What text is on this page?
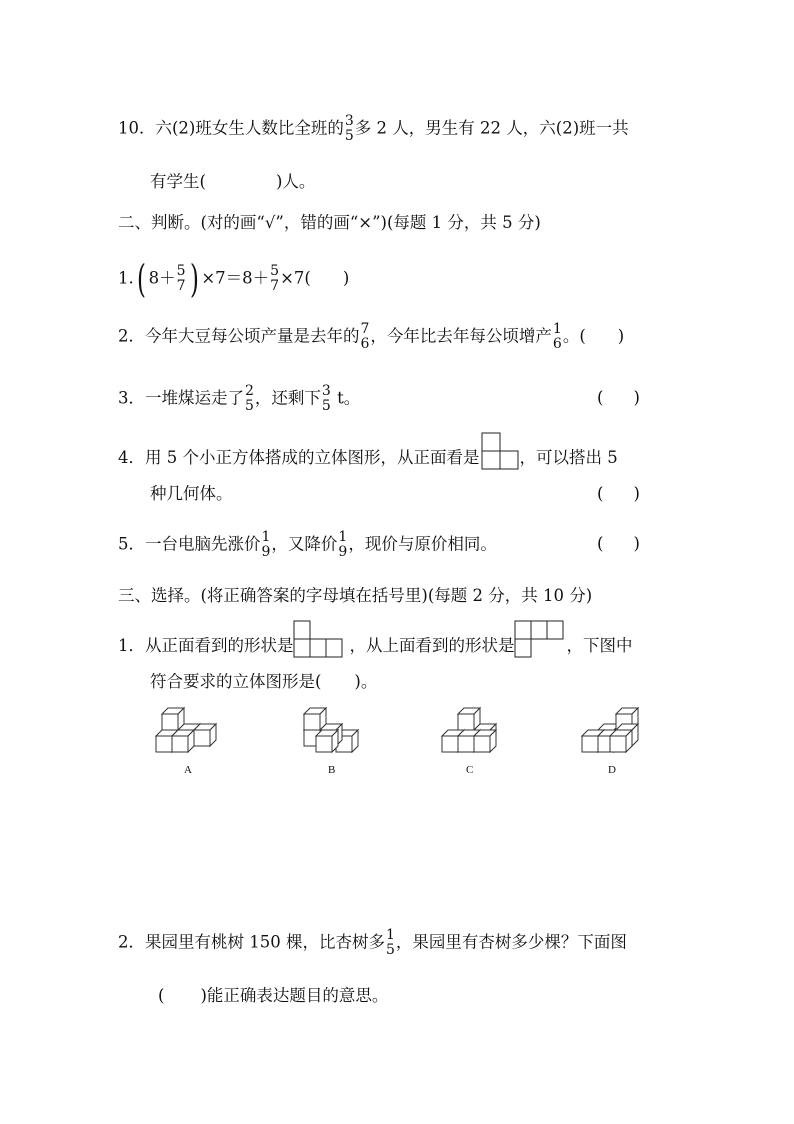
10．六(2)班女生人数比全班的 3
5 多 2 人，男生有 22 人，六(2)班一共
有学生(	)人。
二、判断。(对的画“√”，错的画“×”)(每题 1 分，共 5 分)
1.( 8＋ 5
7 ) ×7＝8＋ 5
7 ×7( )
2．今年大豆每公顷产量是去年的 7
6 ，今年比去年每公顷增产 1
6 。( )
3．一堆煤运走了 2
5 ，还剩下 3
5 t。	( )
4．用 5 个小正方体搭成的立体图形，从正面看是 ，可以搭出 5
种几何体。	( )
5．一台电脑先涨价 1
9 ，又降价 1
9 ，现价与原价相同。	( )
三、选择。(将正确答案的字母填在括号里)(每题 2 分，共 10 分)
1．从正面看到的形状是	，从上面看到的形状是	，下图中
符合要求的立体图形是(　　)。
A	B	C	D
2．果园里有桃树 150 棵，比杏树多 1
5 ，果园里有杏树多少棵？下面图
( )能正确表达题目的意思。
